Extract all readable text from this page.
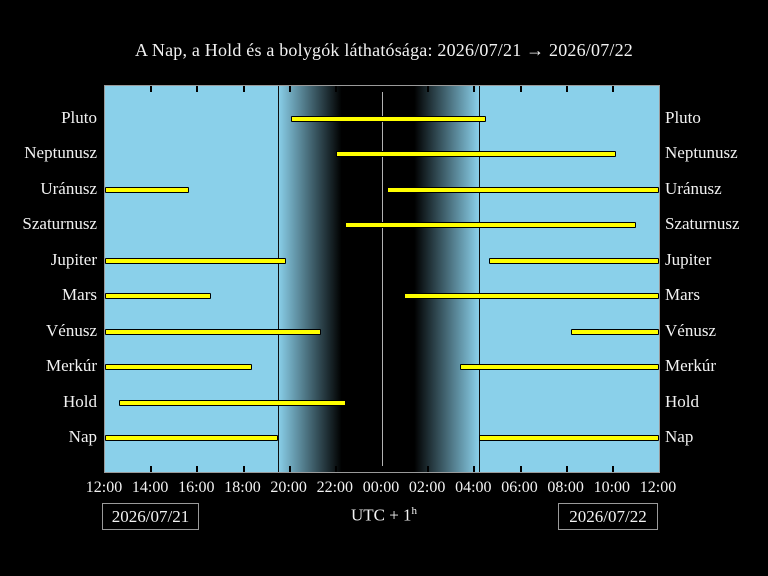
A Nap, a Hold és a bolygók láthatósága: 2026/07/21 → 2026/07/22
Pluto
Neptunusz
Uránusz
Szaturnusz
Jupiter
Mars
Vénusz
Merkúr
Hold
Nap
Pluto
Neptunusz
Uránusz
Szaturnusz
Jupiter
Mars
Vénusz
Merkúr
Hold
Nap
12:00 14:00 16:00 18:00 20:00 22:00 00:00 02:00 04:00 06:00 08:00 10:00 12:00
2026/07/21	2026/07/22
UTC + $1^h$
